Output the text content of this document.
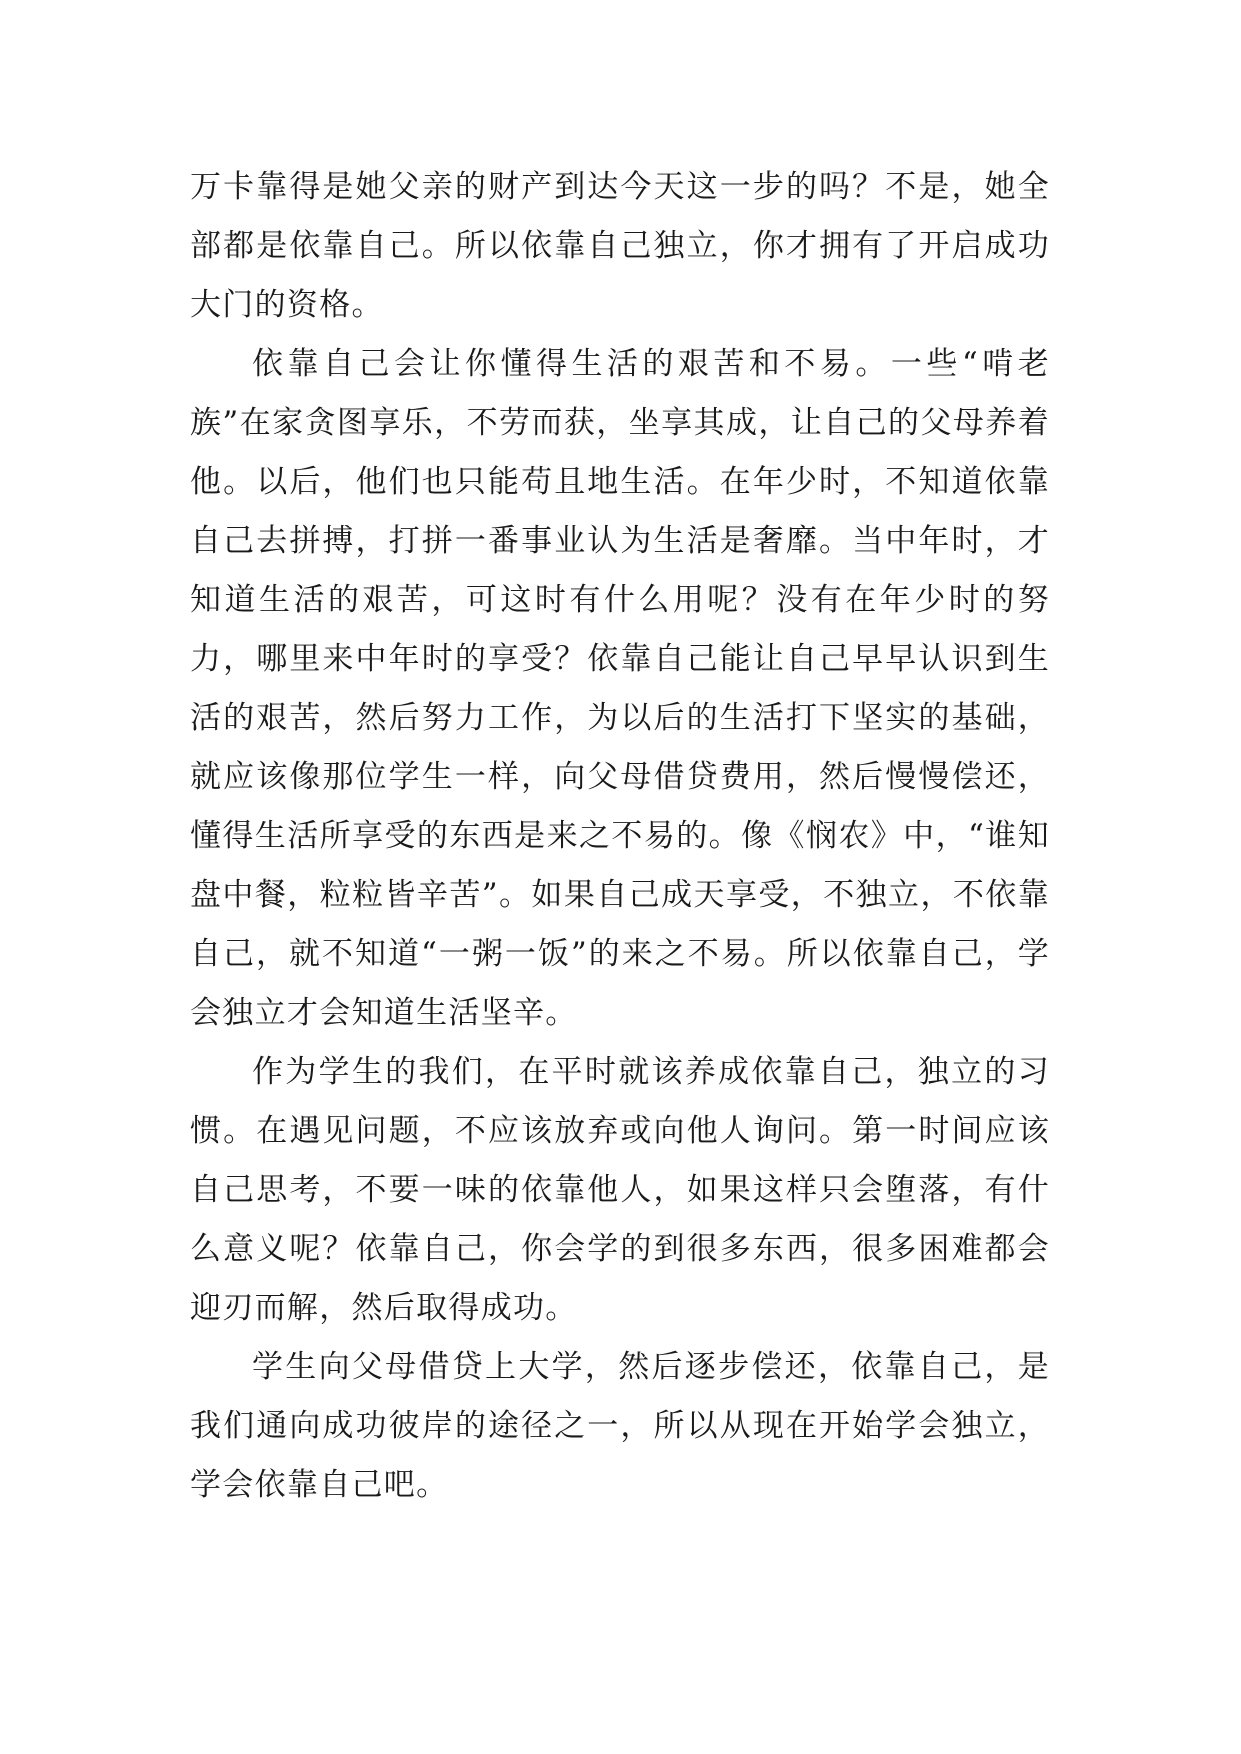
万卡靠得是她父亲的财产到达今天这一步的吗？不是，她全部都是依靠自己。所以依靠自己独立，你才拥有了开启成功大门的资格。

依靠自己会让你懂得生活的艰苦和不易。一些“啃老族”在家贪图享乐，不劳而获，坐享其成，让自己的父母养着他。以后，他们也只能苟且地生活。在年少时，不知道依靠自己去拼搏，打拼一番事业认为生活是奢靡。当中年时，才知道生活的艰苦，可这时有什么用呢？没有在年少时的努力，哪里来中年时的享受？依靠自己能让自己早早认识到生活的艰苦，然后努力工作，为以后的生活打下坚实的基础，就应该像那位学生一样，向父母借贷费用，然后慢慢偿还，懂得生活所享受的东西是来之不易的。像《悯农》中，“谁知盘中餐，粒粒皆辛苦”。如果自己成天享受，不独立，不依靠自己，就不知道“一粥一饭”的来之不易。所以依靠自己，学会独立才会知道生活坚辛。

作为学生的我们，在平时就该养成依靠自己，独立的习惯。在遇见问题，不应该放弃或向他人询问。第一时间应该自己思考，不要一味的依靠他人，如果这样只会堕落，有什么意义呢？依靠自己，你会学的到很多东西，很多困难都会迎刃而解，然后取得成功。

学生向父母借贷上大学，然后逐步偿还，依靠自己，是我们通向成功彼岸的途径之一，所以从现在开始学会独立，学会依靠自己吧。
